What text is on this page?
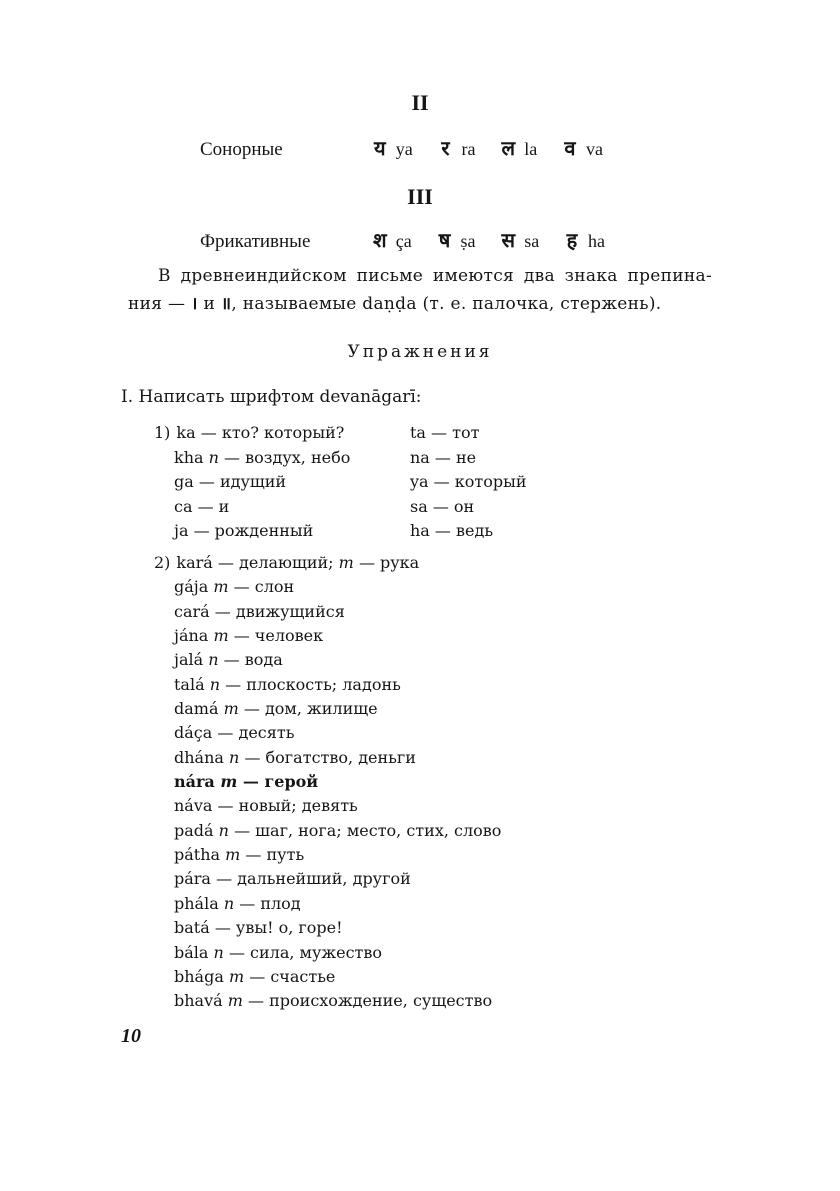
II
Сонорные	य ya र ra ल la व va
III
Фрикативные	श ça ष ṣa स sa ह ha
В древнеиндийском письме имеются два знака препина-ния — । и ॥, называемые daṇḍa (т. е. палочка, стержень).
Упражнения
I. Написать шрифтом devanāgarī:
1) ka — кто? который?	ta — тот
kha n — воздух, небо	na — не
ga — идущий	ya — который
ca — и	sa — он
ja — рожденный	ha — ведь
2) kará — делающий; m — рука
gája m — слон
cará — движущийся
jána m — человек
jalá n — вода
talá n — плоскость; ладонь
damá m — дом, жилище
dáça — десять
dhána n — богатство, деньги
nára m — герой
náva — новый; девять
padá n — шаг, нога; место, стих, слово
pátha m — путь
pára — дальнейший, другой
phála n — плод
batá — увы! о, горе!
bála n — сила, мужество
bhága m — счастье
bhavá m — происхождение, существо
10
